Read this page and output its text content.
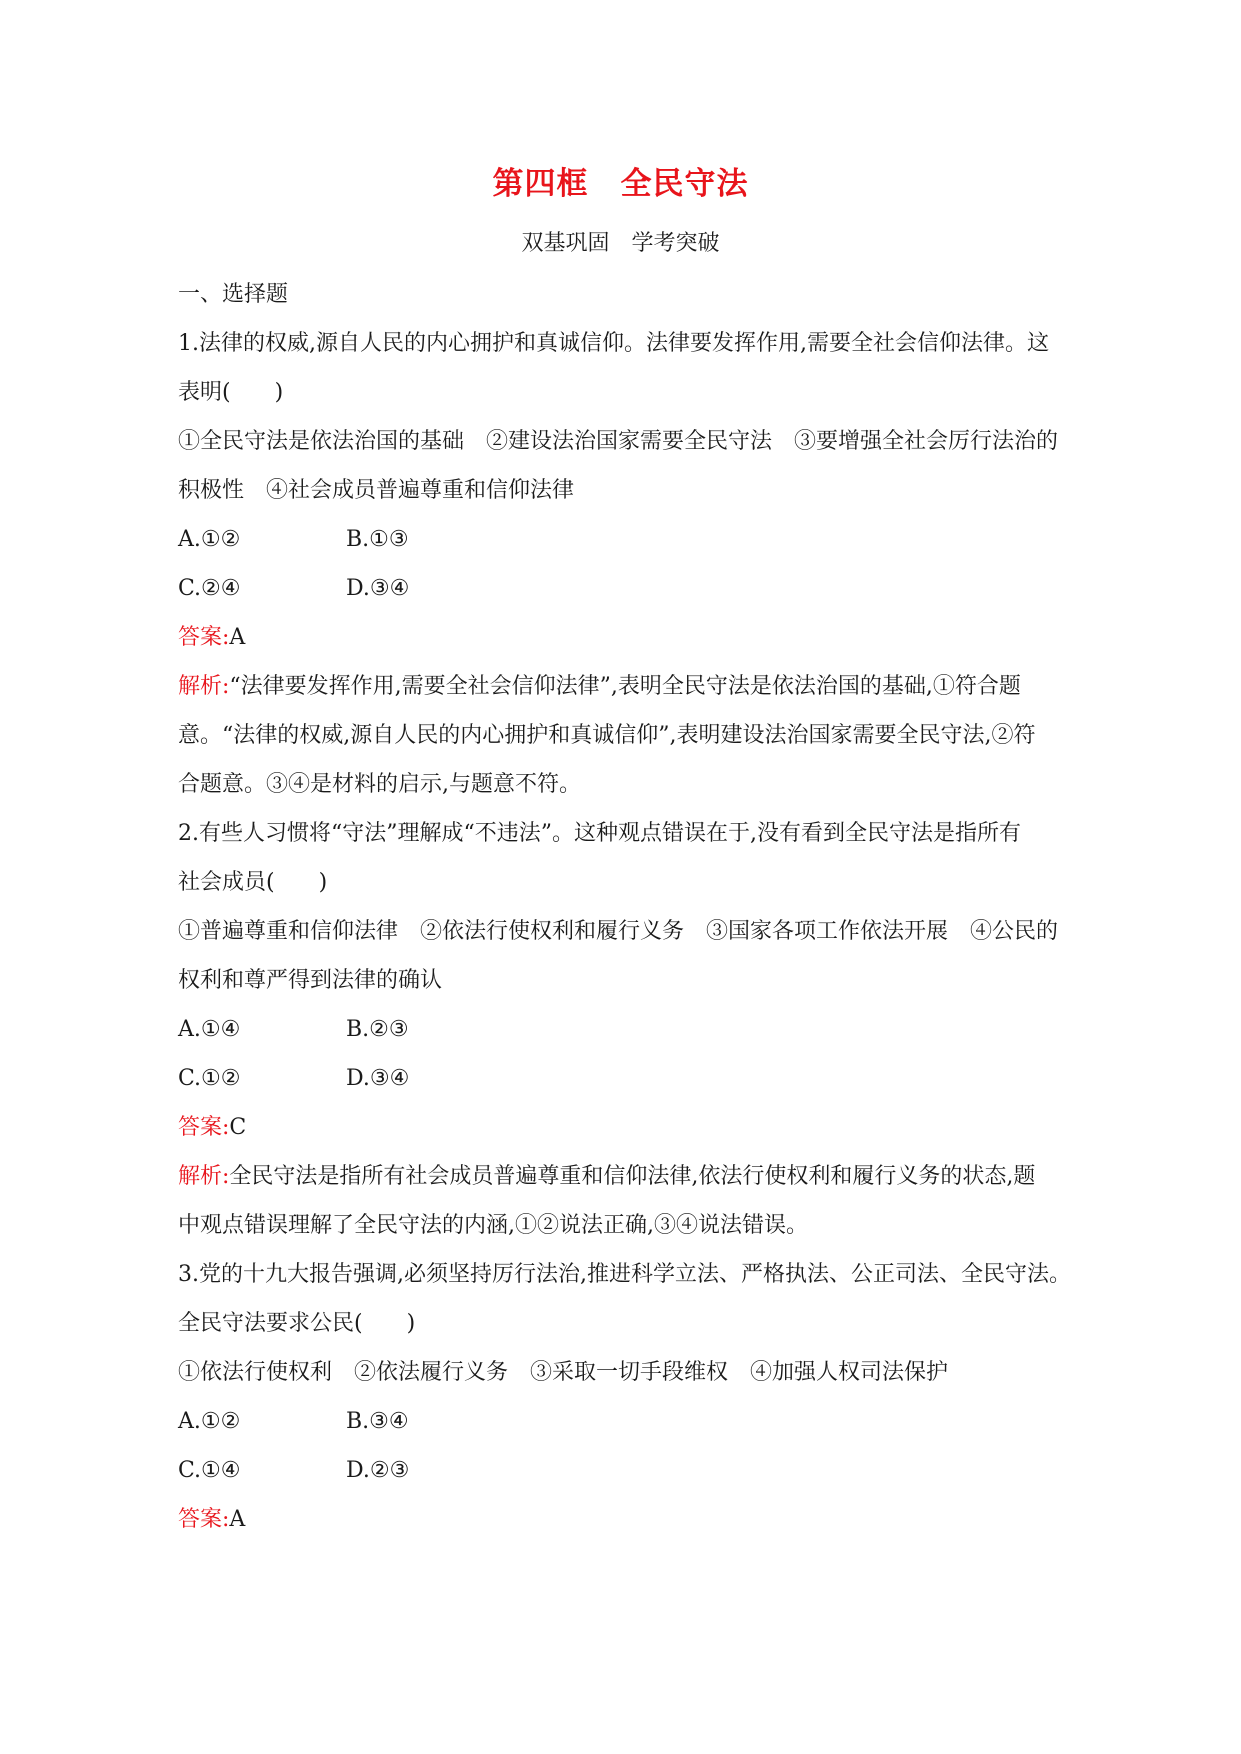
第四框　全民守法
双基巩固　学考突破
一、选择题
1.法律的权威,源自人民的内心拥护和真诚信仰。法律要发挥作用,需要全社会信仰法律。这
表明(　　)
①全民守法是依法治国的基础　②建设法治国家需要全民守法　③要增强全社会厉行法治的
积极性　④社会成员普遍尊重和信仰法律
A.①②	B.①③
C.②④	D.③④
答案:A
解析:“法律要发挥作用,需要全社会信仰法律”,表明全民守法是依法治国的基础,①符合题
意。“法律的权威,源自人民的内心拥护和真诚信仰”,表明建设法治国家需要全民守法,②符
合题意。③④是材料的启示,与题意不符。
2.有些人习惯将“守法”理解成“不违法”。这种观点错误在于,没有看到全民守法是指所有
社会成员(　　)
①普遍尊重和信仰法律　②依法行使权利和履行义务　③国家各项工作依法开展　④公民的
权利和尊严得到法律的确认
A.①④	B.②③
C.①②	D.③④
答案:C
解析:全民守法是指所有社会成员普遍尊重和信仰法律,依法行使权利和履行义务的状态,题
中观点错误理解了全民守法的内涵,①②说法正确,③④说法错误。
3.党的十九大报告强调,必须坚持厉行法治,推进科学立法、严格执法、公正司法、全民守法。
全民守法要求公民(　　)
①依法行使权利　②依法履行义务　③采取一切手段维权　④加强人权司法保护
A.①②	B.③④
C.①④	D.②③
答案:A
